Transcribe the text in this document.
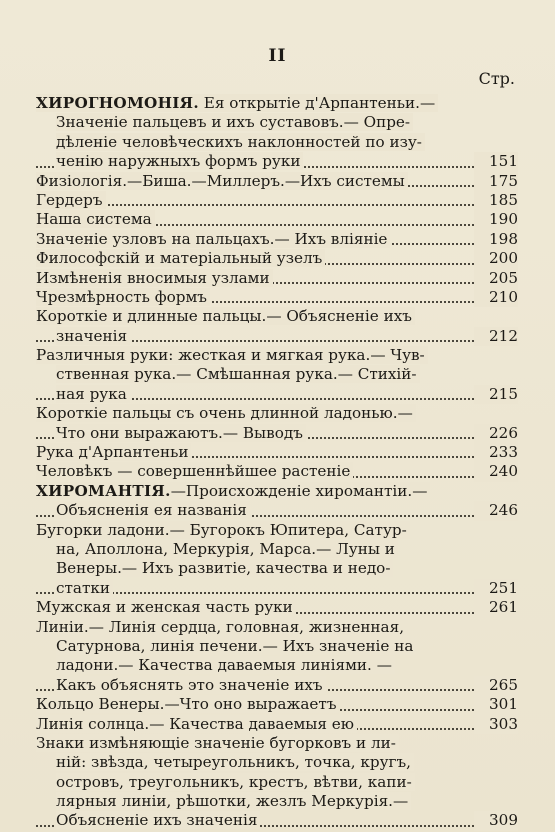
II
Стр.
ХИРОГНОМОНІЯ. Ея открытіе д'Арпантеньи.—
Значеніе пальцевъ и ихъ суставовъ.— Опре-
дѣленіе человѣческихъ наклонностей по изу-
ченію наружныхъ формъ руки	151
Физіологія.—Биша.—Миллеръ.—Ихъ системы	175
Гердеръ	185
Наша система	190
Значеніе узловъ на пальцахъ.— Ихъ вліяніе	198
Философскій и матеріальный узелъ	200
Измѣненія вносимыя узлами	205
Чрезмѣрность формъ	210
Короткіе и длинные пальцы.— Объясненіе ихъ
значенія	212
Различныя руки: жесткая и мягкая рука.— Чув-
ственная рука.— Смѣшанная рука.— Стихій-
ная рука	215
Короткіе пальцы съ очень длинной ладонью.—
Что они выражаютъ.— Выводъ	226
Рука д'Арпантеньи	233
Человѣкъ — совершеннѣйшее растеніе	240
ХИРОМАНТІЯ.—Происхожденіе хиромантіи.—
Объясненія ея названія	246
Бугорки ладони.— Бугорокъ Юпитера, Сатур-
на, Аполлона, Меркурія, Марса.— Луны и
Венеры.— Ихъ развитіе, качества и недо-
статки	251
Мужская и женская часть руки	261
Линіи.— Линія сердца, головная, жизненная,
Сатурнова, линія печени.— Ихъ значеніе на
ладони.— Качества даваемыя линіями. —
Какъ объяснять это значеніе ихъ	265
Кольцо Венеры.—Что оно выражаетъ	301
Линія солнца.— Качества даваемыя ею	303
Знаки измѣняющіе значеніе бугорковъ и ли-
ній: звѣзда, четыреугольникъ, точка, кругъ,
островъ, треугольникъ, крестъ, вѣтви, капи-
лярныя линіи, рѣшотки, жезлъ Меркурія.—
Объясненіе ихъ значенія	309
